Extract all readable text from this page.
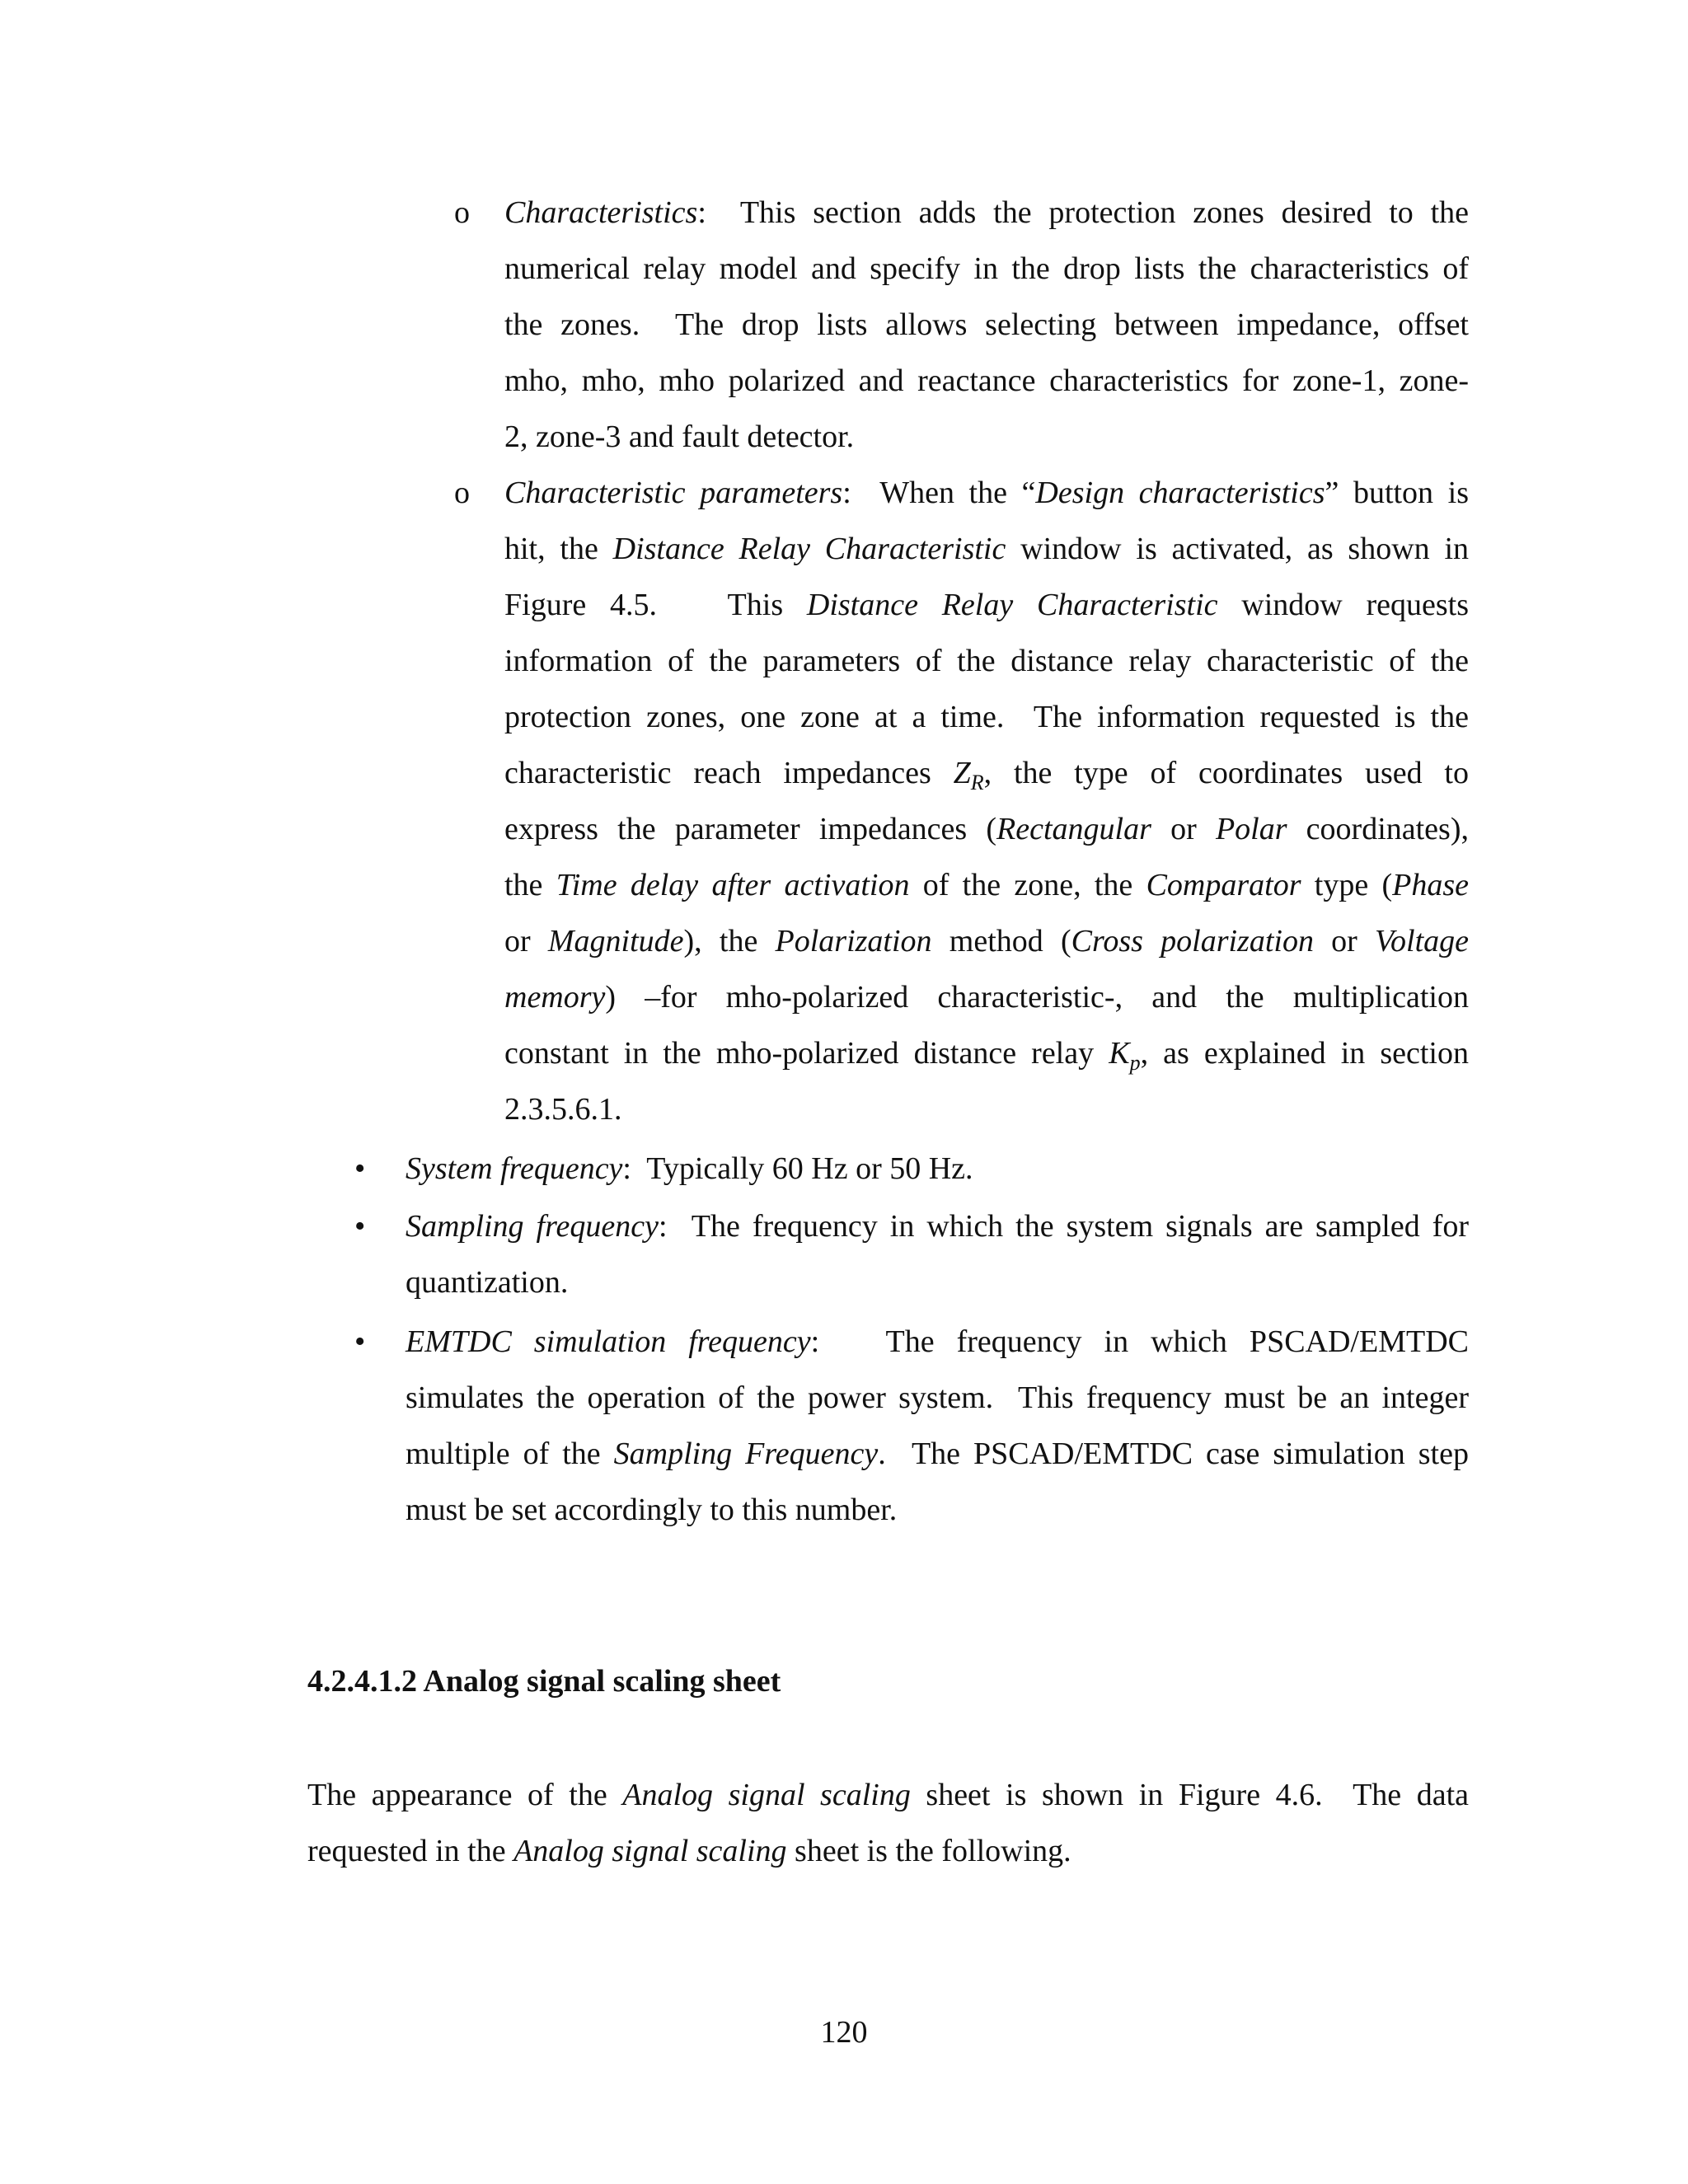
o Characteristics:  This section adds the protection zones desired to the
numerical relay model and specify in the drop lists the characteristics of
the zones.  The drop lists allows selecting between impedance, offset
mho, mho, mho polarized and reactance characteristics for zone-1, zone-
2, zone-3 and fault detector.
o Characteristic parameters:  When the “Design characteristics” button is
hit, the Distance Relay Characteristic window is activated, as shown in
Figure 4.5.   This Distance Relay Characteristic window requests
information of the parameters of the distance relay characteristic of the
protection zones, one zone at a time.  The information requested is the
characteristic reach impedances $Z_R$, the type of coordinates used to
express the parameter impedances (Rectangular or Polar coordinates),
the Time delay after activation of the zone, the Comparator type (Phase
or Magnitude), the Polarization method (Cross polarization or Voltage
memory) –for mho-polarized characteristic-, and the multiplication
constant in the mho-polarized distance relay $K_p$, as explained in section
2.3.5.6.1.
• System frequency:  Typically 60 Hz or 50 Hz.
• Sampling frequency:  The frequency in which the system signals are sampled for
quantization.
• EMTDC simulation frequency:   The frequency in which PSCAD/EMTDC
simulates the operation of the power system.  This frequency must be an integer
multiple of the Sampling Frequency.  The PSCAD/EMTDC case simulation step
must be set accordingly to this number.
4.2.4.1.2 Analog signal scaling sheet
The appearance of the Analog signal scaling sheet is shown in Figure 4.6.  The data
requested in the Analog signal scaling sheet is the following.
120
